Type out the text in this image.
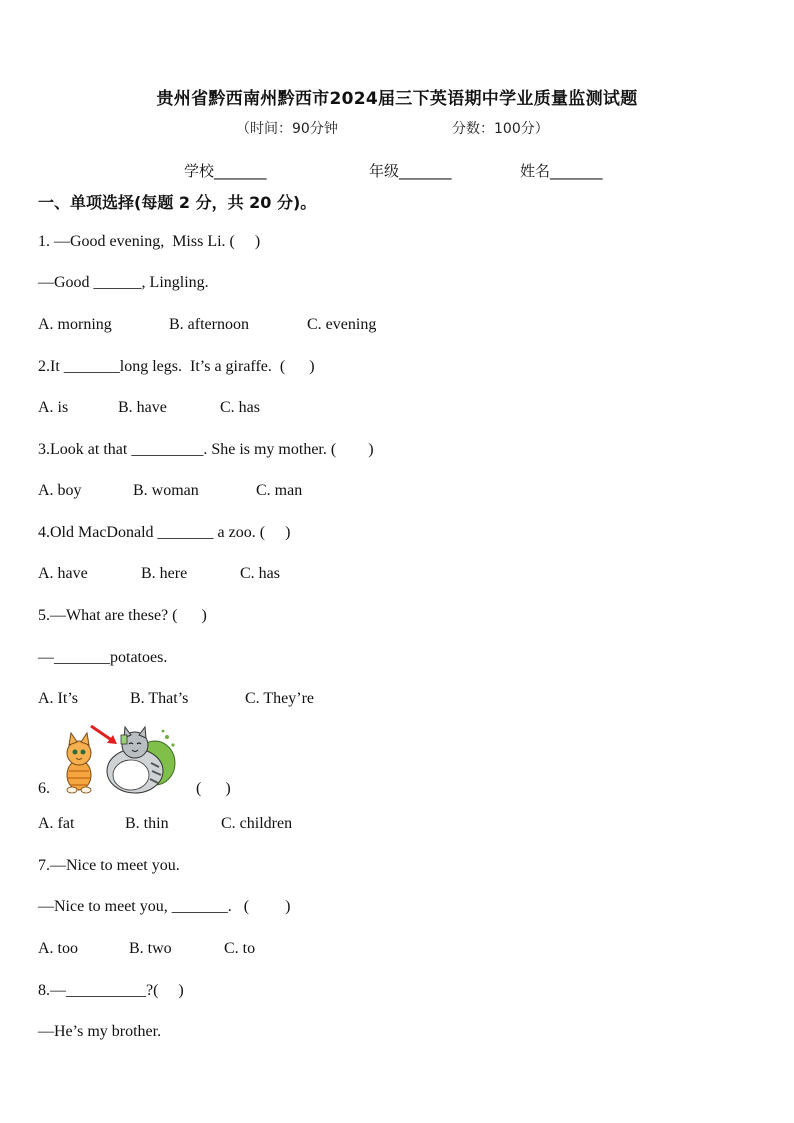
贵州省黔西南州黔西市2024届三下英语期中学业质量监测试题
（时间：90分钟	分数：100分）
学校_______	年级_______	姓名_______
一、单项选择(每题 2 分，共 20 分)。
1. —Good evening,  Miss Li. (     )
—Good ______, Lingling.
A. morning	B. afternoon	C. evening
2.It _______long legs.  It’s a giraffe.  (      )
A. is	B. have	C. has
3.Look at that _________. She is my mother. (        )
A. boy	B. woman	C. man
4.Old MacDonald _______ a zoo. (     )
A. have	B. here	C. has
5.—What are these? (      )
—_______potatoes.
A. It’s	B. That’s	C. They’re
6.	(      )
A. fat	B. thin	C. children
7.—Nice to meet you.
—Nice to meet you, _______.   (         )
A. too	B. two	C. to
8.—__________?(     )
—He’s my brother.
